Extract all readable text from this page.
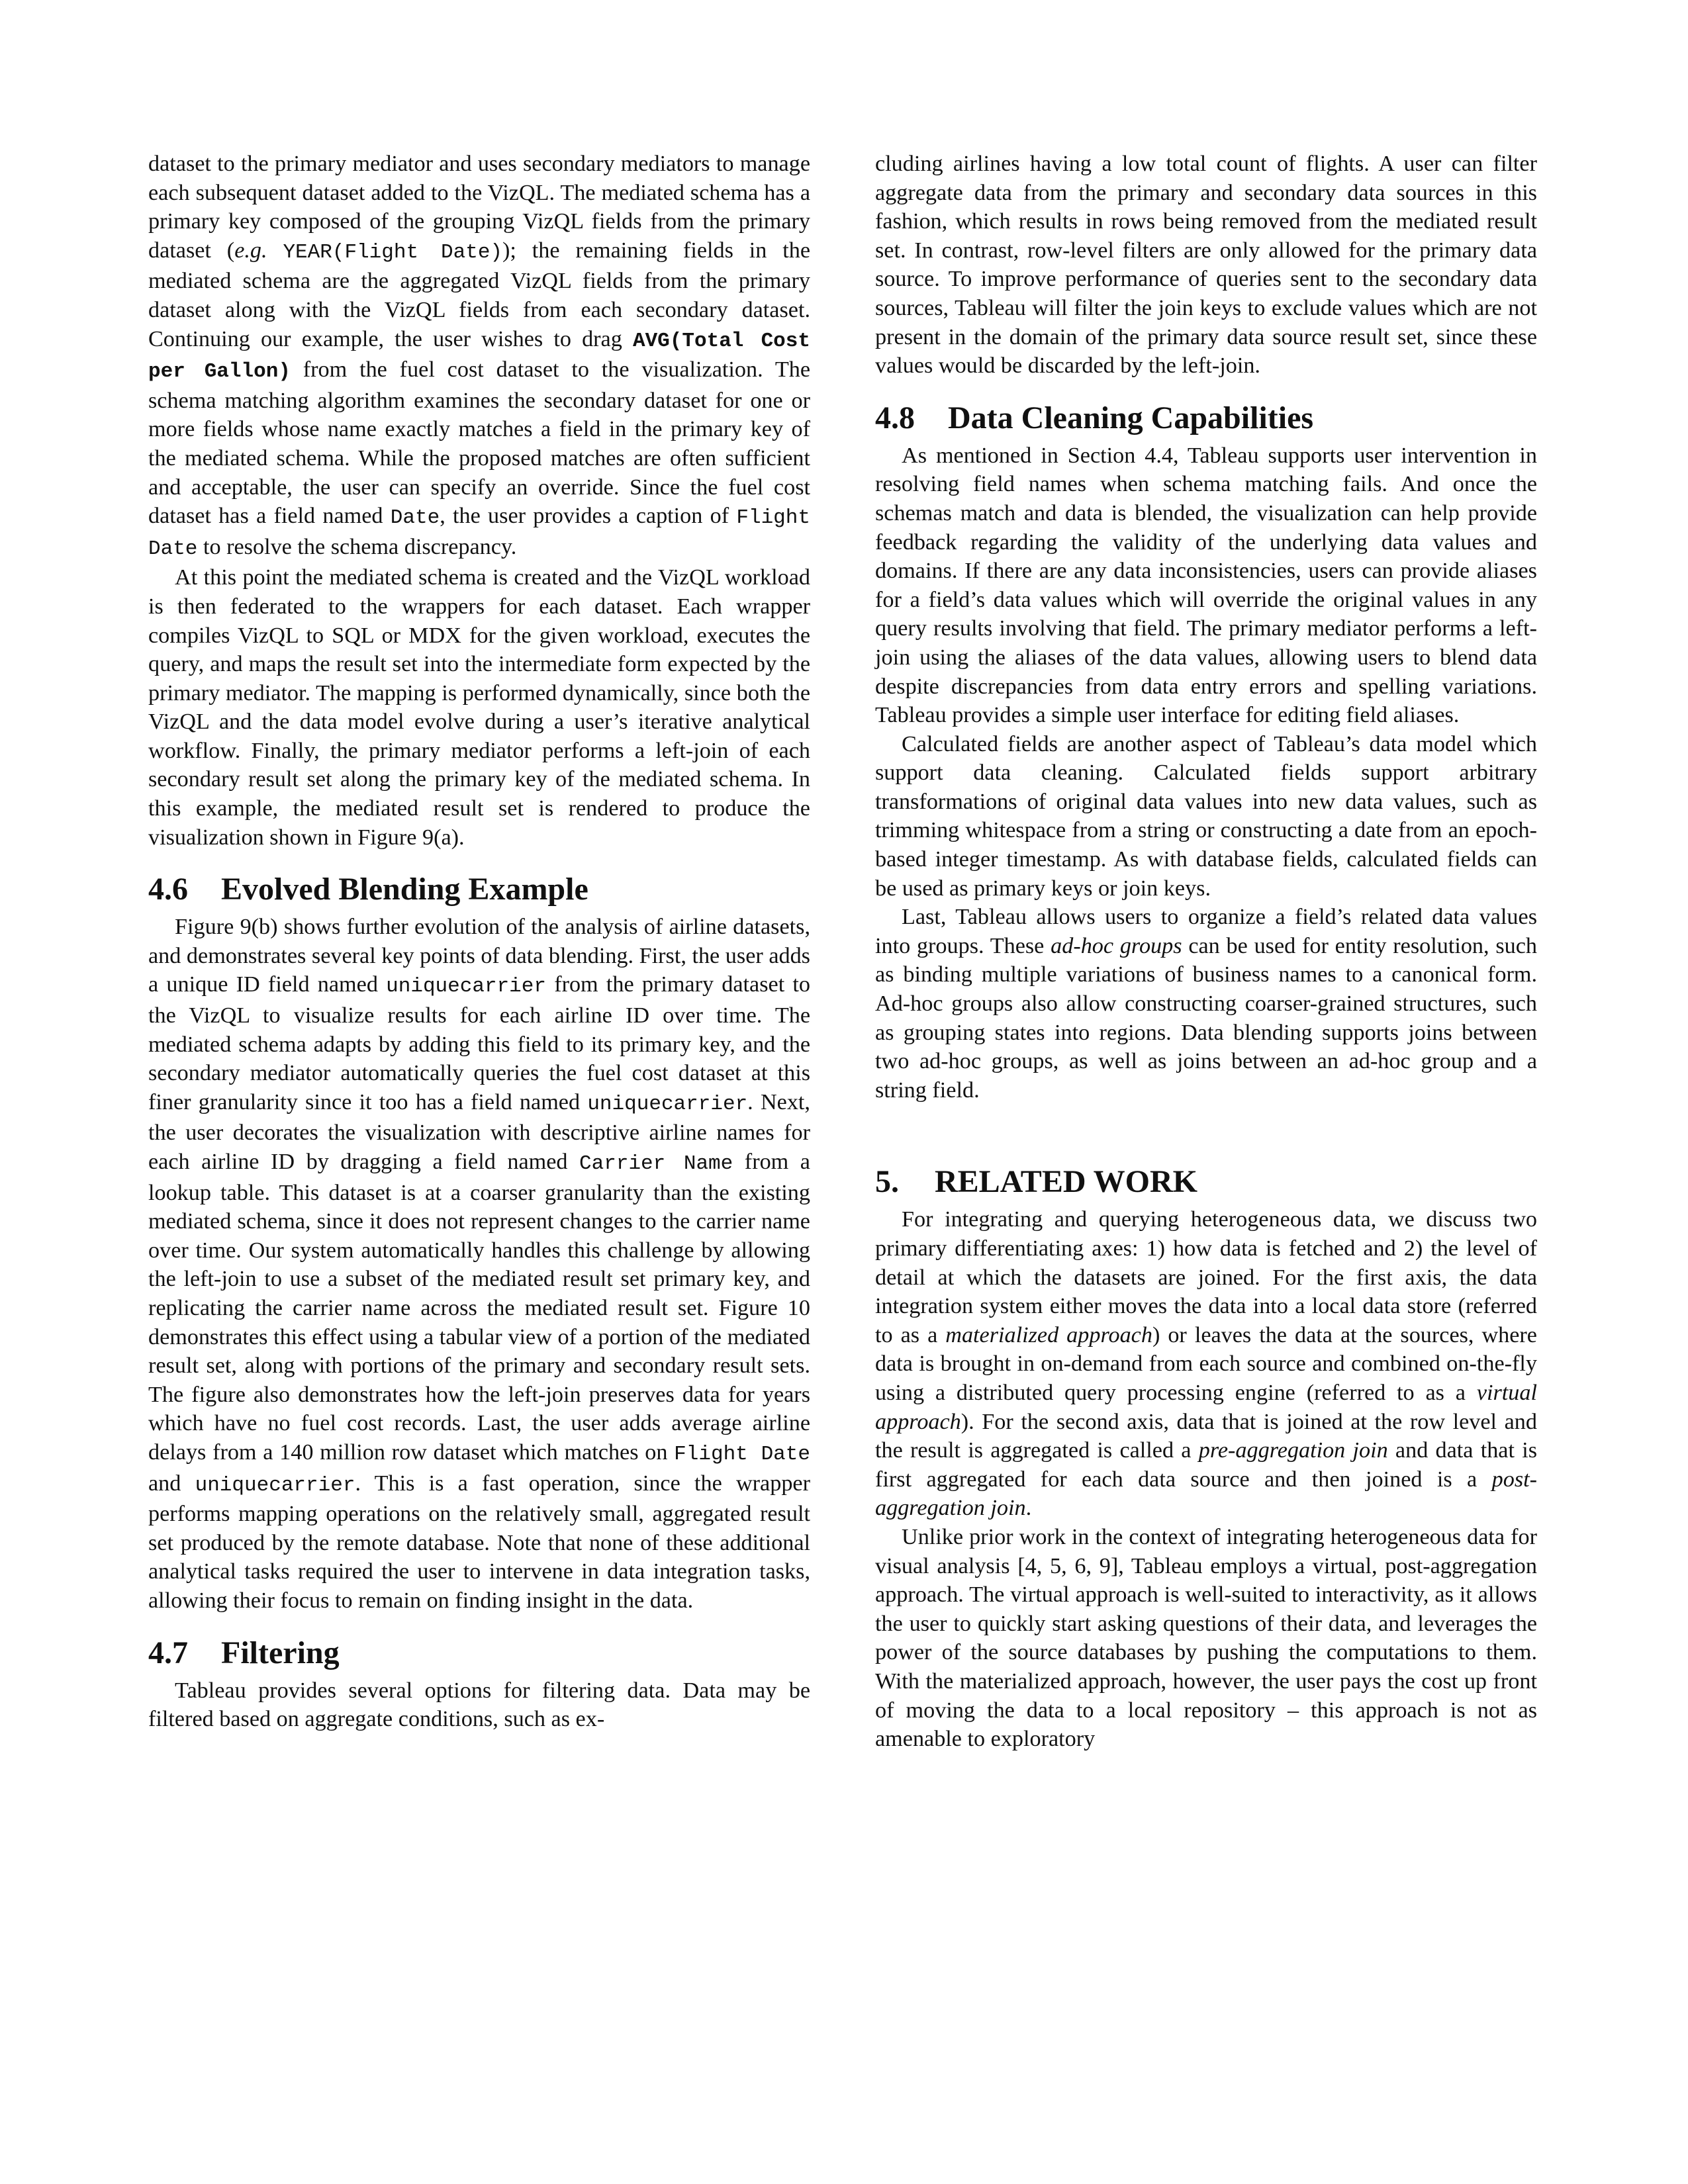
dataset to the primary mediator and uses secondary mediators to manage each subsequent dataset added to the VizQL. The mediated schema has a primary key composed of the grouping VizQL fields from the primary dataset (e.g. YEAR(Flight Date)); the remaining fields in the mediated schema are the aggregated VizQL fields from the primary dataset along with the VizQL fields from each secondary dataset. Continuing our example, the user wishes to drag AVG(Total Cost per Gallon) from the fuel cost dataset to the visualization. The schema matching algorithm examines the secondary dataset for one or more fields whose name exactly matches a field in the primary key of the mediated schema. While the proposed matches are often sufficient and acceptable, the user can specify an override. Since the fuel cost dataset has a field named Date, the user provides a caption of Flight Date to resolve the schema discrepancy.

At this point the mediated schema is created and the VizQL workload is then federated to the wrappers for each dataset. Each wrapper compiles VizQL to SQL or MDX for the given workload, executes the query, and maps the result set into the intermediate form expected by the primary mediator. The mapping is performed dynamically, since both the VizQL and the data model evolve during a user’s iterative analytical workflow. Finally, the primary mediator performs a left-join of each secondary result set along the primary key of the mediated schema. In this example, the mediated result set is rendered to produce the visualization shown in Figure 9(a).

4.6 Evolved Blending Example

Figure 9(b) shows further evolution of the analysis of airline datasets, and demonstrates several key points of data blending. First, the user adds a unique ID field named uniquecarrier from the primary dataset to the VizQL to visualize results for each airline ID over time. The mediated schema adapts by adding this field to its primary key, and the secondary mediator automatically queries the fuel cost dataset at this finer granularity since it too has a field named uniquecarrier. Next, the user decorates the visualization with descriptive airline names for each airline ID by dragging a field named Carrier Name from a lookup table. This dataset is at a coarser granularity than the existing mediated schema, since it does not represent changes to the carrier name over time. Our system automatically handles this challenge by allowing the left-join to use a subset of the mediated result set primary key, and replicating the carrier name across the mediated result set. Figure 10 demonstrates this effect using a tabular view of a portion of the mediated result set, along with portions of the primary and secondary result sets. The figure also demonstrates how the left-join preserves data for years which have no fuel cost records. Last, the user adds average airline delays from a 140 million row dataset which matches on Flight Date and uniquecarrier. This is a fast operation, since the wrapper performs mapping operations on the relatively small, aggregated result set produced by the remote database. Note that none of these additional analytical tasks required the user to intervene in data integration tasks, allowing their focus to remain on finding insight in the data.

4.7 Filtering

Tableau provides several options for filtering data. Data may be filtered based on aggregate conditions, such as ex-

cluding airlines having a low total count of flights. A user can filter aggregate data from the primary and secondary data sources in this fashion, which results in rows being removed from the mediated result set. In contrast, row-level filters are only allowed for the primary data source. To improve performance of queries sent to the secondary data sources, Tableau will filter the join keys to exclude values which are not present in the domain of the primary data source result set, since these values would be discarded by the left-join.

4.8 Data Cleaning Capabilities

As mentioned in Section 4.4, Tableau supports user intervention in resolving field names when schema matching fails. And once the schemas match and data is blended, the visualization can help provide feedback regarding the validity of the underlying data values and domains. If there are any data inconsistencies, users can provide aliases for a field’s data values which will override the original values in any query results involving that field. The primary mediator performs a left-join using the aliases of the data values, allowing users to blend data despite discrepancies from data entry errors and spelling variations. Tableau provides a simple user interface for editing field aliases.

Calculated fields are another aspect of Tableau’s data model which support data cleaning. Calculated fields support arbitrary transformations of original data values into new data values, such as trimming whitespace from a string or constructing a date from an epoch-based integer timestamp. As with database fields, calculated fields can be used as primary keys or join keys.

Last, Tableau allows users to organize a field’s related data values into groups. These ad-hoc groups can be used for entity resolution, such as binding multiple variations of business names to a canonical form. Ad-hoc groups also allow constructing coarser-grained structures, such as grouping states into regions. Data blending supports joins between two ad-hoc groups, as well as joins between an ad-hoc group and a string field.

5. RELATED WORK

For integrating and querying heterogeneous data, we discuss two primary differentiating axes: 1) how data is fetched and 2) the level of detail at which the datasets are joined. For the first axis, the data integration system either moves the data into a local data store (referred to as a materialized approach) or leaves the data at the sources, where data is brought in on-demand from each source and combined on-the-fly using a distributed query processing engine (referred to as a virtual approach). For the second axis, data that is joined at the row level and the result is aggregated is called a pre-aggregation join and data that is first aggregated for each data source and then joined is a post-aggregation join.

Unlike prior work in the context of integrating heterogeneous data for visual analysis [4, 5, 6, 9], Tableau employs a virtual, post-aggregation approach. The virtual approach is well-suited to interactivity, as it allows the user to quickly start asking questions of their data, and leverages the power of the source databases by pushing the computations to them. With the materialized approach, however, the user pays the cost up front of moving the data to a local repository – this approach is not as amenable to exploratory
